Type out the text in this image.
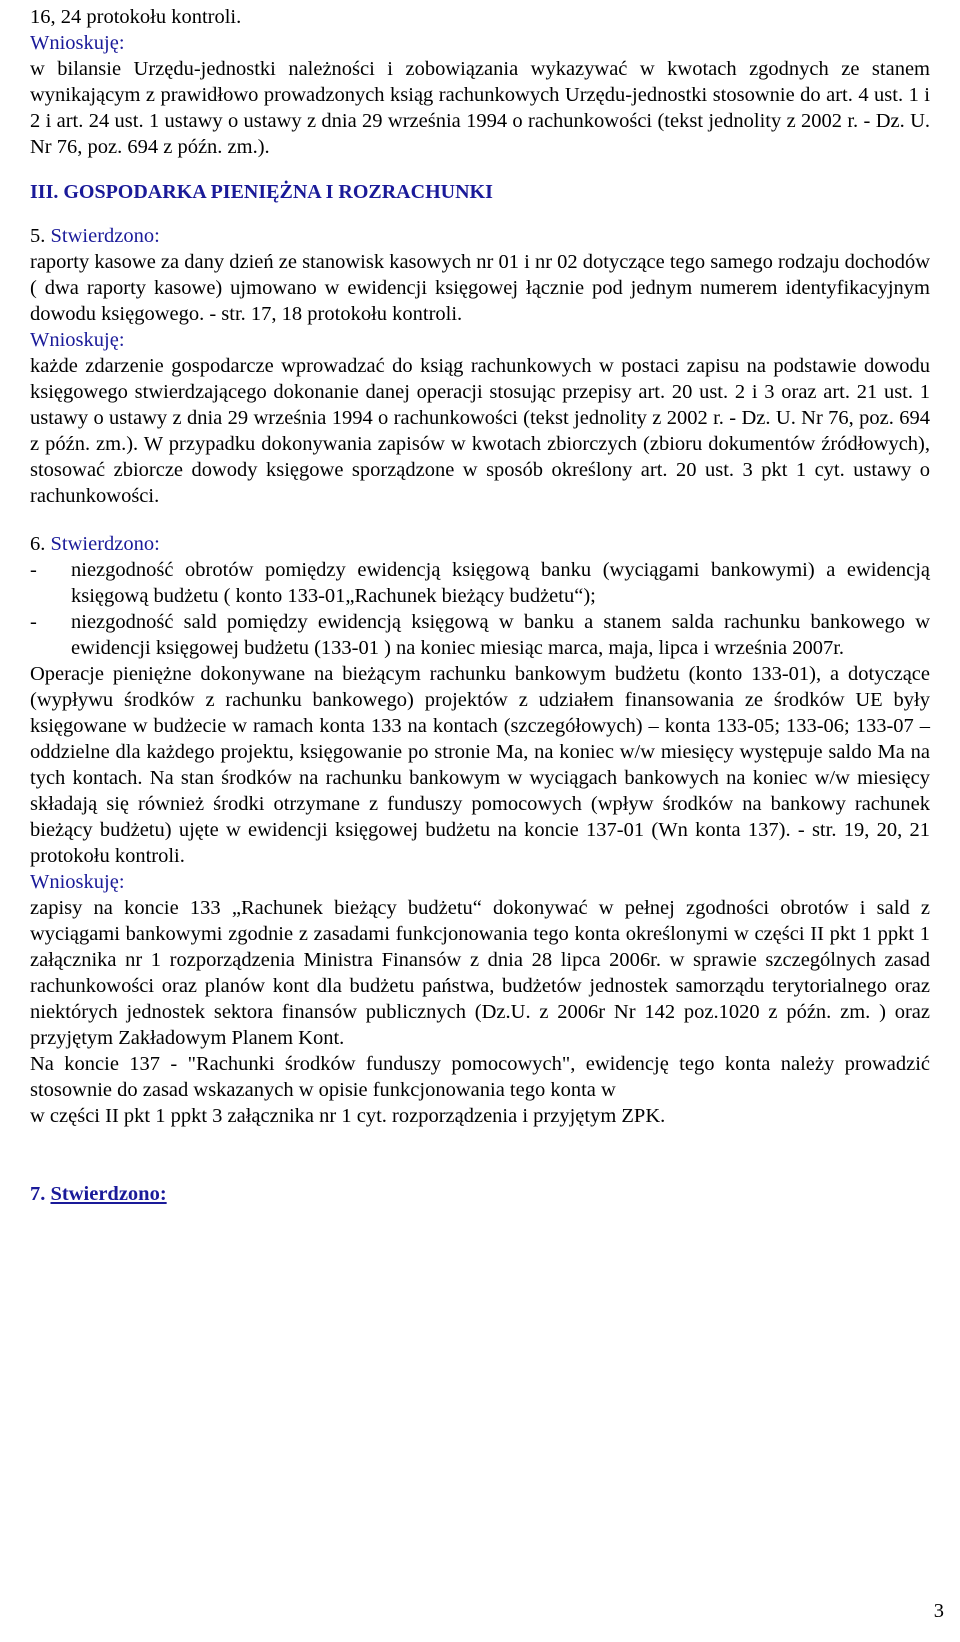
16, 24 protokołu kontroli.

Wnioskuję:

w bilansie Urzędu-jednostki należności i zobowiązania wykazywać w kwotach zgodnych ze stanem wynikającym z prawidłowo prowadzonych ksiąg rachunkowych Urzędu-jednostki stosownie do art. 4 ust. 1 i 2 i art. 24 ust. 1 ustawy o ustawy z dnia 29 września 1994 o rachunkowości (tekst jednolity z 2002 r. - Dz. U. Nr 76, poz. 694 z późn. zm.).

III. GOSPODARKA PIENIĘŻNA I ROZRACHUNKI

5. Stwierdzono:

raporty kasowe za dany dzień ze stanowisk kasowych nr 01 i nr 02 dotyczące tego samego rodzaju dochodów ( dwa raporty kasowe) ujmowano w ewidencji księgowej łącznie pod jednym numerem identyfikacyjnym dowodu księgowego. - str. 17, 18 protokołu kontroli.

Wnioskuję:

każde zdarzenie gospodarcze wprowadzać do ksiąg rachunkowych w postaci zapisu na podstawie dowodu księgowego stwierdzającego dokonanie danej operacji stosując przepisy art. 20 ust. 2 i 3 oraz art. 21 ust. 1 ustawy o ustawy z dnia 29 września 1994 o rachunkowości (tekst jednolity z 2002 r. - Dz. U. Nr 76, poz. 694 z późn. zm.). W przypadku dokonywania zapisów w kwotach zbiorczych (zbioru dokumentów źródłowych), stosować zbiorcze dowody księgowe sporządzone w sposób określony art. 20 ust. 3 pkt 1 cyt. ustawy o rachunkowości.

6. Stwierdzono:

- niezgodność obrotów pomiędzy ewidencją księgową banku (wyciągami bankowymi) a ewidencją księgową budżetu ( konto 133-01„Rachunek bieżący budżetu“);
- niezgodność sald pomiędzy ewidencją księgową w banku a stanem salda rachunku bankowego w ewidencji księgowej budżetu (133-01 ) na koniec miesiąc marca, maja, lipca i września 2007r.

Operacje pieniężne dokonywane na bieżącym rachunku bankowym budżetu (konto 133-01), a dotyczące (wypływu środków z rachunku bankowego) projektów z udziałem finansowania ze środków UE były księgowane w budżecie w ramach konta 133 na kontach (szczegółowych) – konta 133-05; 133-06; 133-07 – oddzielne dla każdego projektu, księgowanie po stronie Ma, na koniec w/w miesięcy występuje saldo Ma na tych kontach. Na stan środków na rachunku bankowym w wyciągach bankowych na koniec w/w miesięcy składają się również środki otrzymane z funduszy pomocowych (wpływ środków na bankowy rachunek bieżący budżetu) ujęte w ewidencji księgowej budżetu na koncie 137-01 (Wn konta 137). - str. 19, 20, 21 protokołu kontroli.

Wnioskuję:

zapisy na koncie 133 „Rachunek bieżący budżetu“ dokonywać w pełnej zgodności obrotów i sald z wyciągami bankowymi zgodnie z zasadami funkcjonowania tego konta określonymi w części II pkt 1 ppkt 1 załącznika nr 1 rozporządzenia Ministra Finansów z dnia 28 lipca 2006r. w sprawie szczególnych zasad rachunkowości oraz planów kont dla budżetu państwa, budżetów jednostek samorządu terytorialnego oraz niektórych jednostek sektora finansów publicznych (Dz.U. z 2006r Nr 142 poz.1020 z późn. zm. ) oraz przyjętym Zakładowym Planem Kont.

Na koncie 137 - "Rachunki środków funduszy pomocowych", ewidencję tego konta należy prowadzić stosownie do zasad wskazanych w opisie funkcjonowania tego konta w

w części II pkt 1 ppkt 3 załącznika nr 1 cyt. rozporządzenia i przyjętym ZPK.

7. Stwierdzono:

3
